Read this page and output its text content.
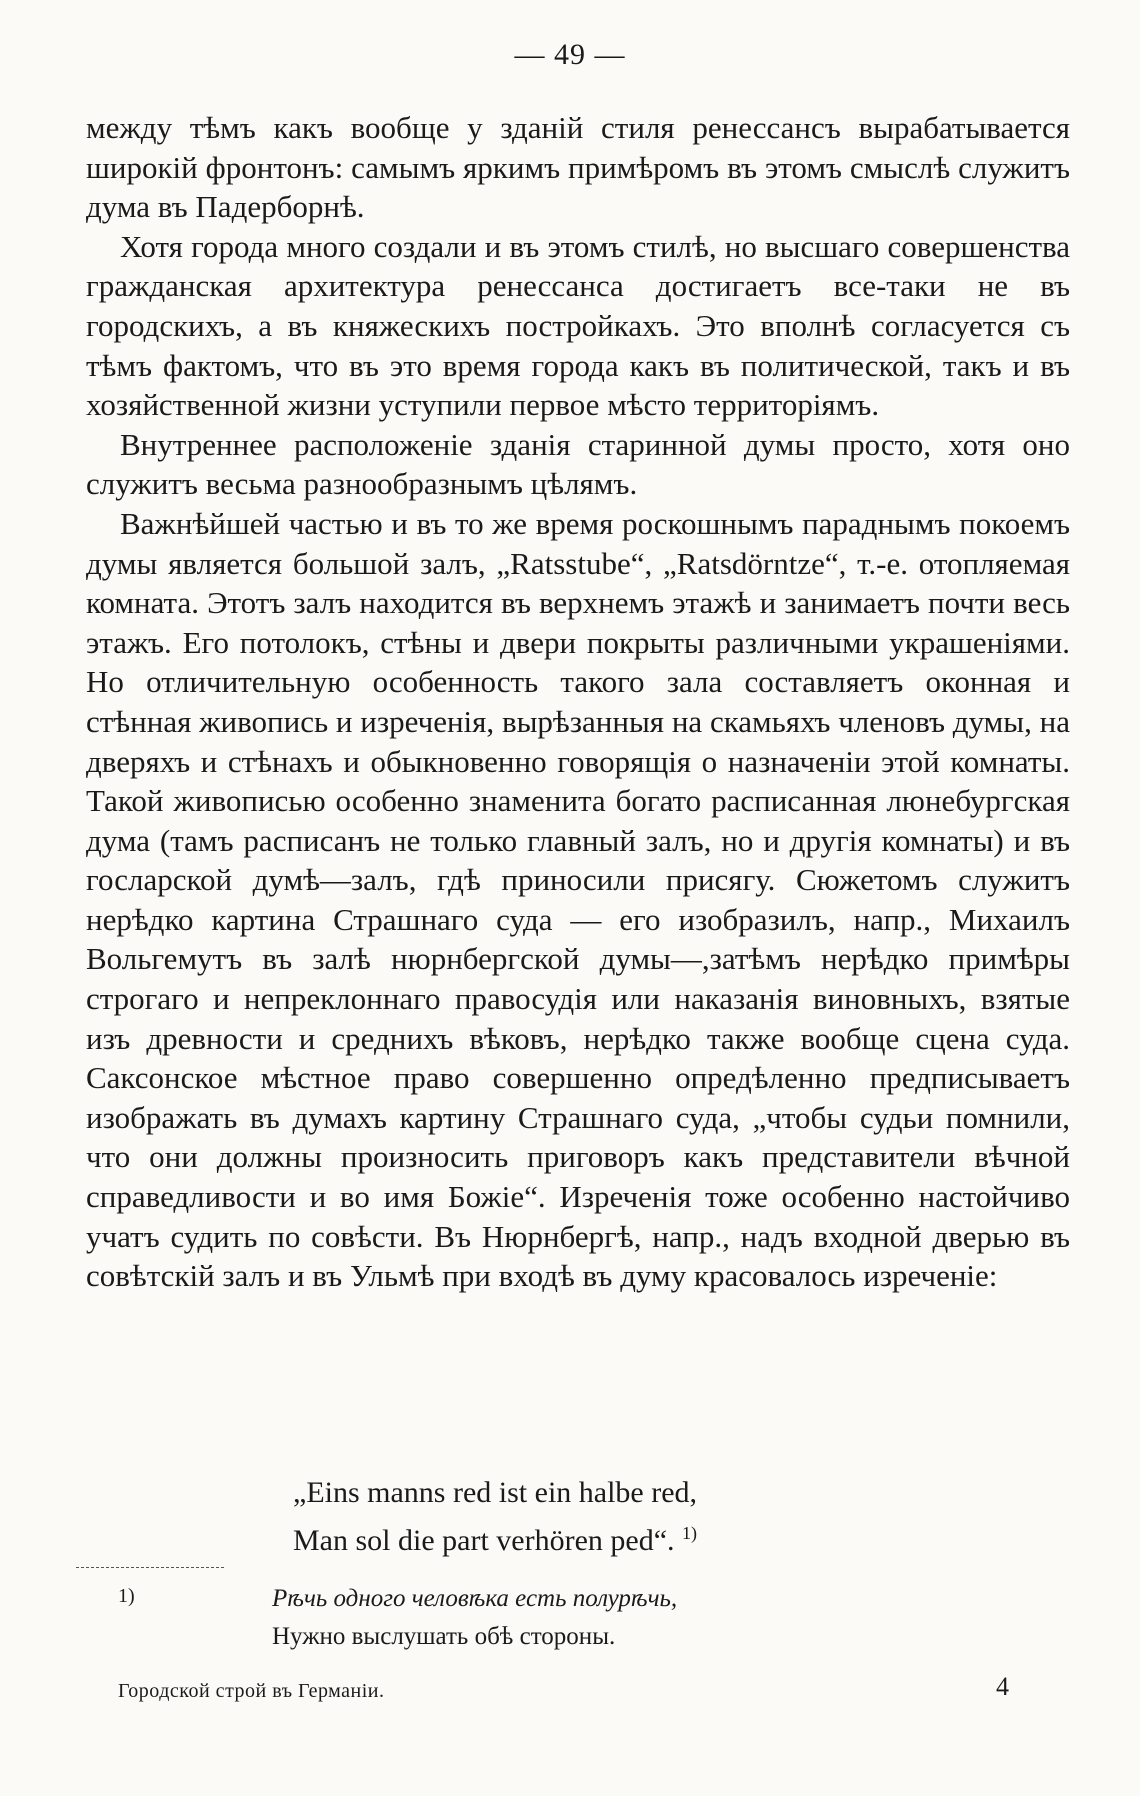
— 49 —

между тѣмъ какъ вообще у зданій стиля ренессансъ вырабатывается широкій фронтонъ: самымъ яркимъ примѣромъ въ этомъ смыслѣ служитъ дума въ Падерборнѣ.

Хотя города много создали и въ этомъ стилѣ, но высшаго совершенства гражданская архитектура ренессанса достигаетъ все-таки не въ городскихъ, а въ княжескихъ постройкахъ. Это вполнѣ согласуется съ тѣмъ фактомъ, что въ это время города какъ въ политической, такъ и въ хозяйственной жизни уступили первое мѣсто территоріямъ.

Внутреннее расположеніе зданія старинной думы просто, хотя оно служитъ весьма разнообразнымъ цѣлямъ.

Важнѣйшей частью и въ то же время роскошнымъ парaднымъ покоемъ думы является большой залъ, „Ratsstube“, „Ratsdörntze“, т.-е. отопляемая комната. Этотъ залъ находится въ верхнемъ этажѣ и занимаетъ почти весь этажъ. Его потолокъ, стѣны и двери покрыты различными украшеніями. Но отличительную особенность такого зала составляетъ оконная и стѣнная живопись и изреченія, вырѣзанныя на скамьяхъ членовъ думы, на дверяхъ и стѣнахъ и обыкновенно говорящія о назначеніи этой комнаты. Такой живописью особенно знаменита богато расписанная люнебургская дума (тамъ расписанъ не только главный залъ, но и другія комнаты) и въ госларской думѣ—залъ, гдѣ приносили присягу. Сюжетомъ служитъ нерѣдко картина Страшнаго суда — его изобразилъ, напр., Михаилъ Вольгемутъ въ залѣ нюрнбергской думы—,затѣмъ нерѣдко примѣры строгаго и непреклоннаго правосудія или наказанія виновныхъ, взятые изъ древности и среднихъ вѣковъ, нерѣдко также вообще сцена суда. Саксонское мѣстное право совершенно опредѣленно предписываетъ изображать въ думахъ картину Страшнаго суда, „чтобы судьи помнили, что они должны произносить приговоръ какъ представители вѣчной справедливости и во имя Божіе“. Изреченія тоже особенно настойчиво учатъ судить по совѣсти. Въ Нюрнбергѣ, напр., надъ входной дверью въ совѣтскій залъ и въ Ульмѣ при входѣ въ думу красовалось изреченіе:

„Eins manns red ist ein halbe red,
Man sol die part verhören ped“. $^{1)}$
1)	Рѣчь одного человѣка есть полурѣчь,
Нужно выслушать обѣ стороны.
Городской строй въ Германіи.	4
